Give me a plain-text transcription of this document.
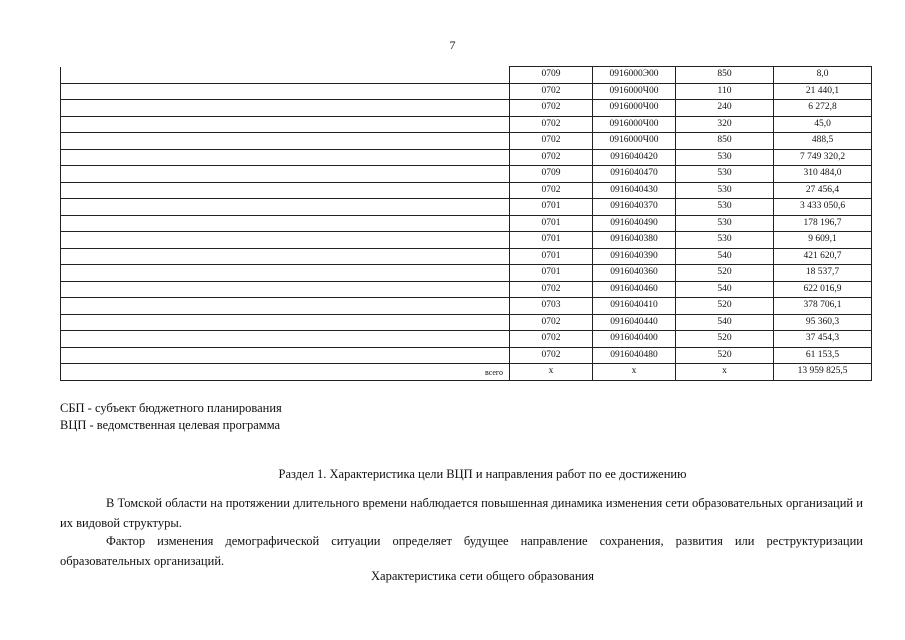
7
	0709	0916000Э00	850	8,0
	0702	0916000Ч00	110	21 440,1
	0702	0916000Ч00	240	6 272,8
	0702	0916000Ч00	320	45,0
	0702	0916000Ч00	850	488,5
	0702	0916040420	530	7 749 320,2
	0709	0916040470	530	310 484,0
	0702	0916040430	530	27 456,4
	0701	0916040370	530	3 433 050,6
	0701	0916040490	530	178 196,7
	0701	0916040380	530	9 609,1
	0701	0916040390	540	421 620,7
	0701	0916040360	520	18 537,7
	0702	0916040460	540	622 016,9
	0703	0916040410	520	378 706,1
	0702	0916040440	540	95 360,3
	0702	0916040400	520	37 454,3
	0702	0916040480	520	61 153,5
всего	x	x	x	13 959 825,5
СБП - субъект бюджетного планирования
ВЦП - ведомственная целевая программа
Раздел 1. Характеристика цели ВЦП и направления работ по ее достижению
В Томской области на протяжении длительного времени наблюдается повышенная динамика изменения сети образовательных организаций и их видовой структуры.
Фактор изменения демографической ситуации определяет будущее направление сохранения, развития или реструктуризации образовательных организаций.
Характеристика сети общего образования
